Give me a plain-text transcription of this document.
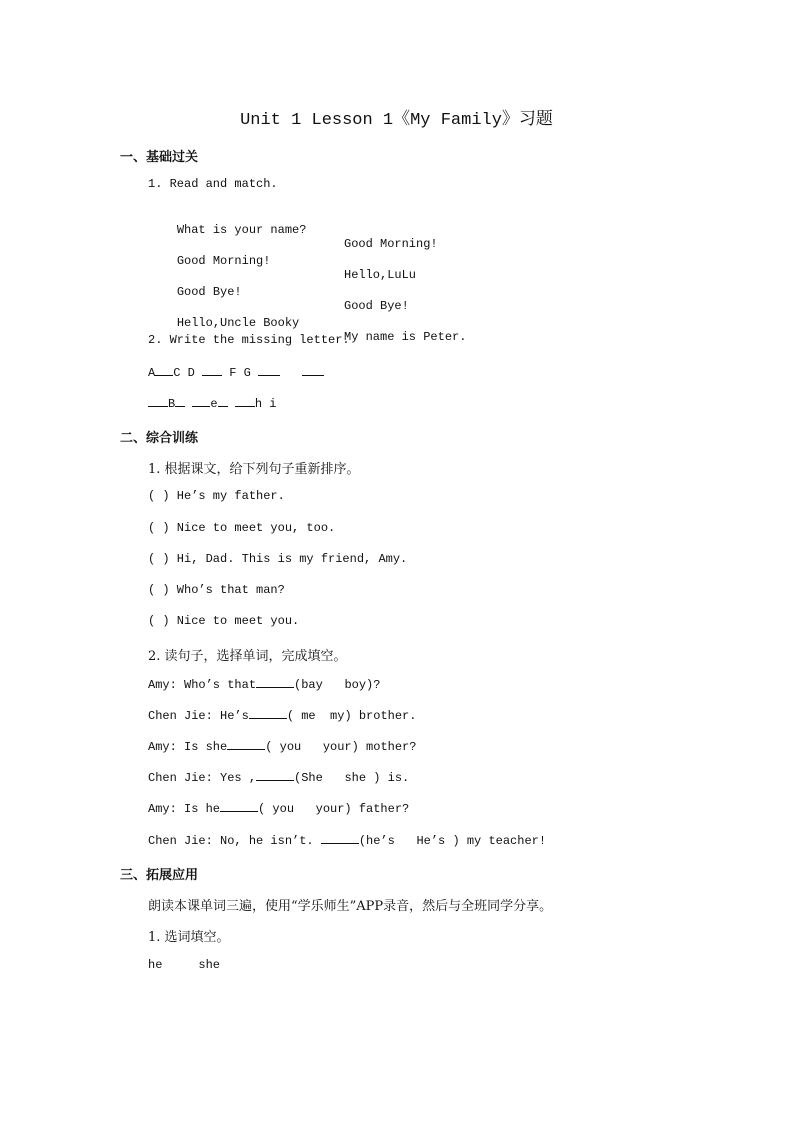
Unit 1 Lesson 1《My Family》习题
一、基础过关
1. Read and match.

What is your name?

Good Morning!

Good Morning!

Hello,LuLu

Good Bye!

Good Bye!

Hello,Uncle Booky

My name is Peter.

2. Write the missing letter.
A C D	F G
B	e	h i
二、综合训练
1. 根据课文，给下列句子重新排序。
( ) He’s my father.
( ) Nice to meet you, too.
( ) Hi, Dad. This is my friend, Amy.
( ) Who’s that man?
( ) Nice to meet you.
2. 读句子，选择单词，完成填空。
Amy: Who’s that	(bay   boy)?
Chen Jie: He’s	( me  my) brother.
Amy: Is she	( you   your) mother?
Chen Jie: Yes ,	(She   she ) is.
Amy: Is he	( you   your) father?
Chen Jie: No, he isn’t.	(he’s   He’s ) my teacher!
三、拓展应用
朗读本课单词三遍，使用“学乐师生”APP录音，然后与全班同学分享。
1. 选词填空。
he     she
